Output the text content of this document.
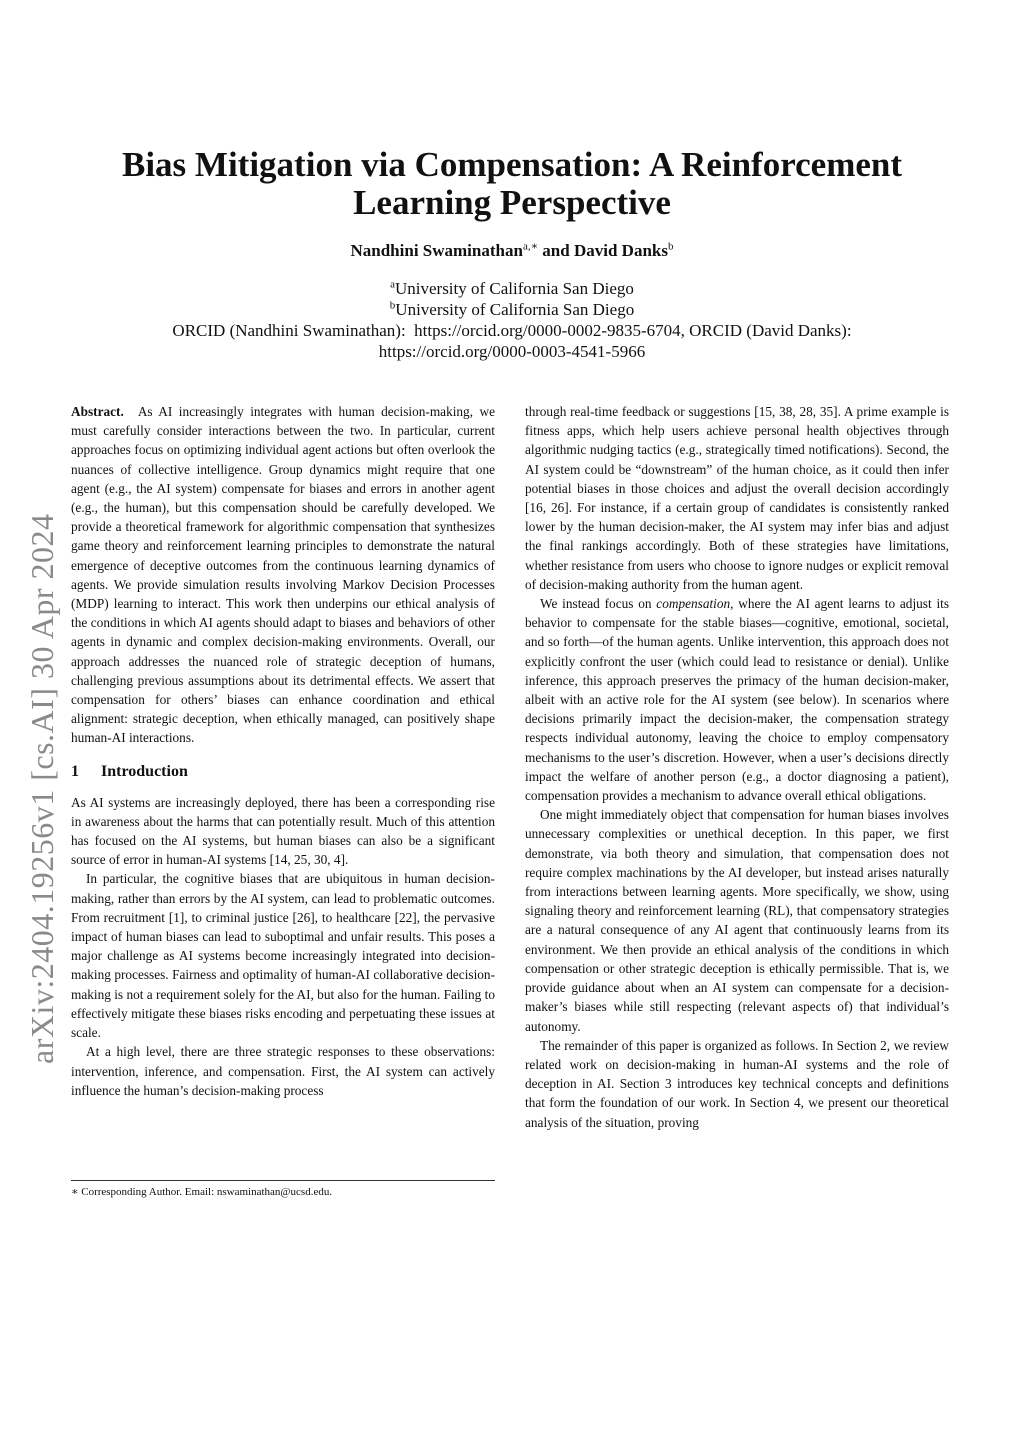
arXiv:2404.19256v1 [cs.AI] 30 Apr 2024
Bias Mitigation via Compensation: A Reinforcement
Learning Perspective
Nandhini Swaminathan$^{a,∗}$ and David Danks$^b$
$^a$University of California San Diego
$^b$University of California San Diego
ORCID (Nandhini Swaminathan):  https://orcid.org/0000-0002-9835-6704, ORCID (David Danks):
https://orcid.org/0000-0003-4541-5966

Abstract. As AI increasingly integrates with human decision-making, we must carefully consider interactions between the two. In particular, current approaches focus on optimizing individual agent actions but often overlook the nuances of collective intelligence. Group dynamics might require that one agent (e.g., the AI system) compensate for biases and errors in another agent (e.g., the human), but this compensation should be carefully developed. We provide a theoretical framework for algorithmic compensation that synthesizes game theory and reinforcement learning principles to demonstrate the natural emergence of deceptive outcomes from the continuous learning dynamics of agents. We provide simulation results involving Markov Decision Processes (MDP) learning to interact. This work then underpins our ethical analysis of the conditions in which AI agents should adapt to biases and behaviors of other agents in dynamic and complex decision-making environments. Overall, our approach addresses the nuanced role of strategic deception of humans, challenging previous assumptions about its detrimental effects. We assert that compensation for others’ biases can enhance coordination and ethical alignment: strategic deception, when ethically managed, can positively shape human-AI interactions.

1 Introduction

As AI systems are increasingly deployed, there has been a corresponding rise in awareness about the harms that can potentially result. Much of this attention has focused on the AI systems, but human biases can also be a significant source of error in human-AI systems [14, 25, 30, 4].

In particular, the cognitive biases that are ubiquitous in human decision-making, rather than errors by the AI system, can lead to problematic outcomes. From recruitment [1], to criminal justice [26], to healthcare [22], the pervasive impact of human biases can lead to suboptimal and unfair results. This poses a major challenge as AI systems become increasingly integrated into decision-making processes. Fairness and optimality of human-AI collaborative decision-making is not a requirement solely for the AI, but also for the human. Failing to effectively mitigate these biases risks encoding and perpetuating these issues at scale.

At a high level, there are three strategic responses to these observations: intervention, inference, and compensation. First, the AI system can actively influence the human’s decision-making process

∗ Corresponding Author. Email: nswaminathan@ucsd.edu.

through real-time feedback or suggestions [15, 38, 28, 35]. A prime example is fitness apps, which help users achieve personal health objectives through algorithmic nudging tactics (e.g., strategically timed notifications). Second, the AI system could be “downstream” of the human choice, as it could then infer potential biases in those choices and adjust the overall decision accordingly [16, 26]. For instance, if a certain group of candidates is consistently ranked lower by the human decision-maker, the AI system may infer bias and adjust the final rankings accordingly. Both of these strategies have limitations, whether resistance from users who choose to ignore nudges or explicit removal of decision-making authority from the human agent.

We instead focus on compensation, where the AI agent learns to adjust its behavior to compensate for the stable biases—cognitive, emotional, societal, and so forth—of the human agents. Unlike intervention, this approach does not explicitly confront the user (which could lead to resistance or denial). Unlike inference, this approach preserves the primacy of the human decision-maker, albeit with an active role for the AI system (see below). In scenarios where decisions primarily impact the decision-maker, the compensation strategy respects individual autonomy, leaving the choice to employ compensatory mechanisms to the user’s discretion. However, when a user’s decisions directly impact the welfare of another person (e.g., a doctor diagnosing a patient), compensation provides a mechanism to advance overall ethical obligations.

One might immediately object that compensation for human biases involves unnecessary complexities or unethical deception. In this paper, we first demonstrate, via both theory and simulation, that compensation does not require complex machinations by the AI developer, but instead arises naturally from interactions between learning agents. More specifically, we show, using signaling theory and reinforcement learning (RL), that compensatory strategies are a natural consequence of any AI agent that continuously learns from its environment. We then provide an ethical analysis of the conditions in which compensation or other strategic deception is ethically permissible. That is, we provide guidance about when an AI system can compensate for a decision-maker’s biases while still respecting (relevant aspects of) that individual’s autonomy.

The remainder of this paper is organized as follows. In Section 2, we review related work on decision-making in human-AI systems and the role of deception in AI. Section 3 introduces key technical concepts and definitions that form the foundation of our work. In Section 4, we present our theoretical analysis of the situation, proving
